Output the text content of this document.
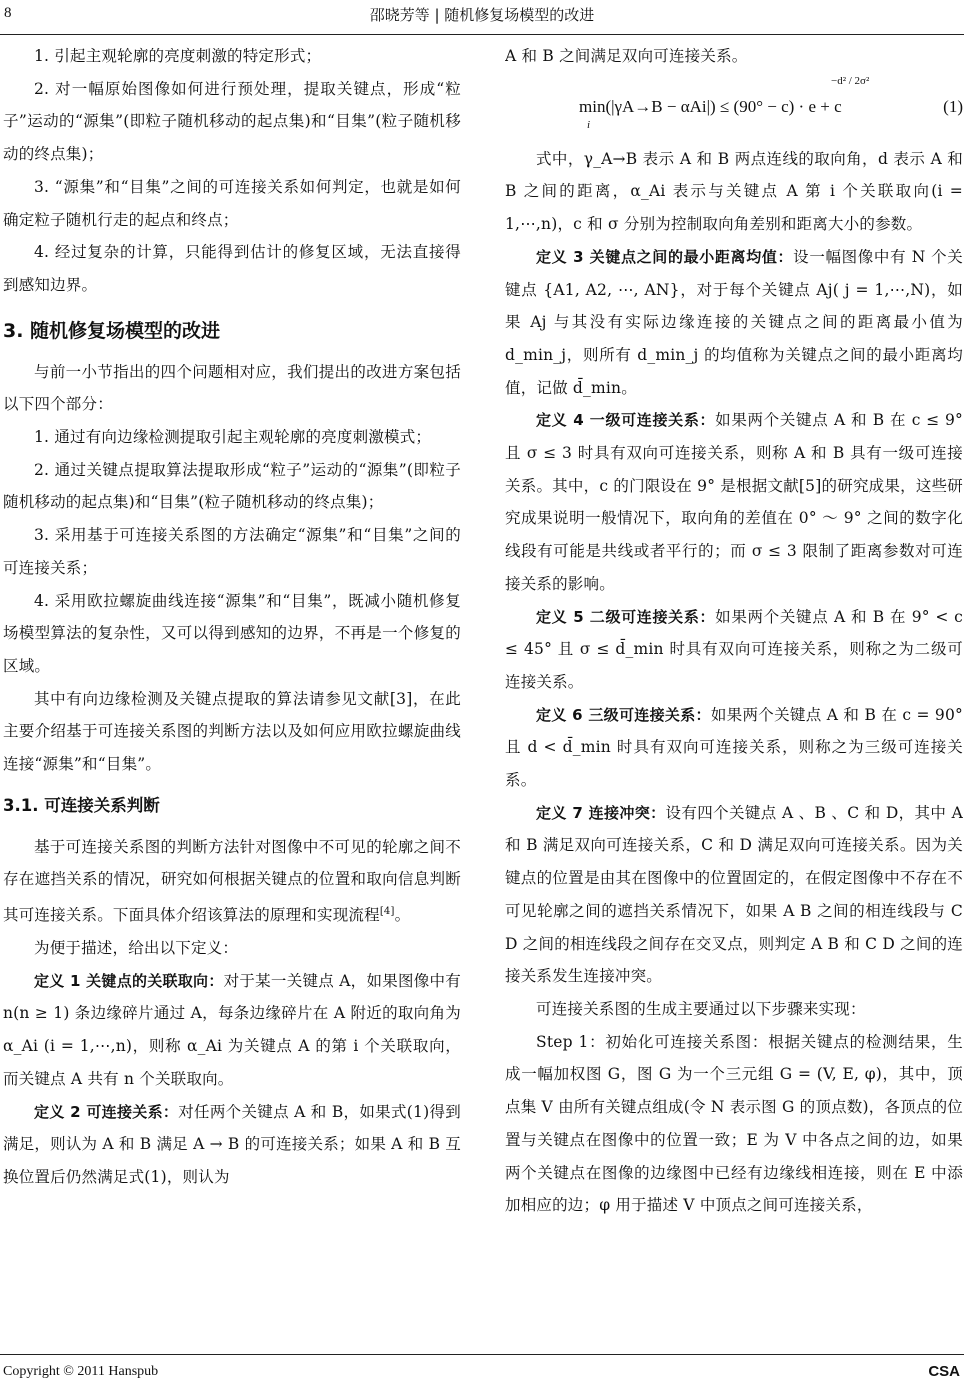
8	邵晓芳等 | 随机修复场模型的改进

1. 引起主观轮廓的亮度刺激的特定形式；

2. 对一幅原始图像如何进行预处理，提取关键点，形成“粒子”运动的“源集”(即粒子随机移动的起点集)和“目集”(粒子随机移动的终点集)；

3. “源集”和“目集”之间的可连接关系如何判定，也就是如何确定粒子随机行走的起点和终点；

4. 经过复杂的计算，只能得到估计的修复区域，无法直接得到感知边界。

3. 随机修复场模型的改进

与前一小节指出的四个问题相对应，我们提出的改进方案包括以下四个部分：

1. 通过有向边缘检测提取引起主观轮廓的亮度刺激模式；

2. 通过关键点提取算法提取形成“粒子”运动的“源集”(即粒子随机移动的起点集)和“目集”(粒子随机移动的终点集)；

3. 采用基于可连接关系图的方法确定“源集”和“目集”之间的可连接关系；

4. 采用欧拉螺旋曲线连接“源集”和“目集”，既减小随机修复场模型算法的复杂性，又可以得到感知的边界，不再是一个修复的区域。

其中有向边缘检测及关键点提取的算法请参见文献[3]，在此主要介绍基于可连接关系图的判断方法以及如何应用欧拉螺旋曲线连接“源集”和“目集”。

3.1. 可连接关系判断

基于可连接关系图的判断方法针对图像中不可见的轮廓之间不存在遮挡关系的情况，研究如何根据关键点的位置和取向信息判断其可连接关系。下面具体介绍该算法的原理和实现流程[4]。

为便于描述，给出以下定义：

定义 1 关键点的关联取向：对于某一关键点 A，如果图像中有 n(n ≥ 1) 条边缘碎片通过 A，每条边缘碎片在 A 附近的取向角为 α_Ai (i = 1,⋯,n)，则称 α_Ai 为关键点 A 的第 i 个关联取向，而关键点 A 共有 n 个关联取向。

定义 2 可连接关系：对任两个关键点 A 和 B，如果式(1)得到满足，则认为 A 和 B 满足 A → B 的可连接关系；如果 A 和 B 互换位置后仍然满足式(1)，则认为

A 和 B 之间满足双向可连接关系。

min(|γA→B − αAi|) ≤ (90° − c) · e + c
−d² / 2σ²
i
(1)

式中，γ_A→B 表示 A 和 B 两点连线的取向角，d 表示 A 和 B 之间的距离，α_Ai 表示与关键点 A 第 i 个关联取向(i = 1,⋯,n)，c 和 σ 分别为控制取向角差别和距离大小的参数。

定义 3 关键点之间的最小距离均值：设一幅图像中有 N 个关键点 {A1, A2, ⋯, AN}，对于每个关键点 Aj( j = 1,⋯,N)，如果 Aj 与其没有实际边缘连接的关键点之间的距离最小值为 d_min_j，则所有 d_min_j 的均值称为关键点之间的最小距离均值，记做 d̄_min。

定义 4 一级可连接关系：如果两个关键点 A 和 B 在 c ≤ 9° 且 σ ≤ 3 时具有双向可连接关系，则称 A 和 B 具有一级可连接关系。其中，c 的门限设在 9° 是根据文献[5]的研究成果，这些研究成果说明一般情况下，取向角的差值在 0° ～ 9° 之间的数字化线段有可能是共线或者平行的；而 σ ≤ 3 限制了距离参数对可连接关系的影响。

定义 5 二级可连接关系：如果两个关键点 A 和 B 在 9° < c ≤ 45° 且 σ ≤ d̄_min 时具有双向可连接关系，则称之为二级可连接关系。

定义 6 三级可连接关系：如果两个关键点 A 和 B 在 c = 90° 且 d < d̄_min 时具有双向可连接关系，则称之为三级可连接关系。

定义 7 连接冲突：设有四个关键点 A 、B 、C 和 D，其中 A 和 B 满足双向可连接关系，C 和 D 满足双向可连接关系。因为关键点的位置是由其在图像中的位置固定的，在假定图像中不存在不可见轮廓之间的遮挡关系情况下，如果 A B 之间的相连线段与 C D 之间的相连线段之间存在交叉点，则判定 A B 和 C D 之间的连接关系发生连接冲突。

可连接关系图的生成主要通过以下步骤来实现：

Step 1：初始化可连接关系图：根据关键点的检测结果，生成一幅加权图 G，图 G 为一个三元组 G = (V, E, φ)，其中，顶点集 V 由所有关键点组成(令 N 表示图 G 的顶点数)，各顶点的位置与关键点在图像中的位置一致；E 为 V 中各点之间的边，如果两个关键点在图像的边缘图中已经有边缘线相连接，则在 E 中添加相应的边；φ 用于描述 V 中顶点之间可连接关系，

Copyright © 2011 Hanspub	CSA
